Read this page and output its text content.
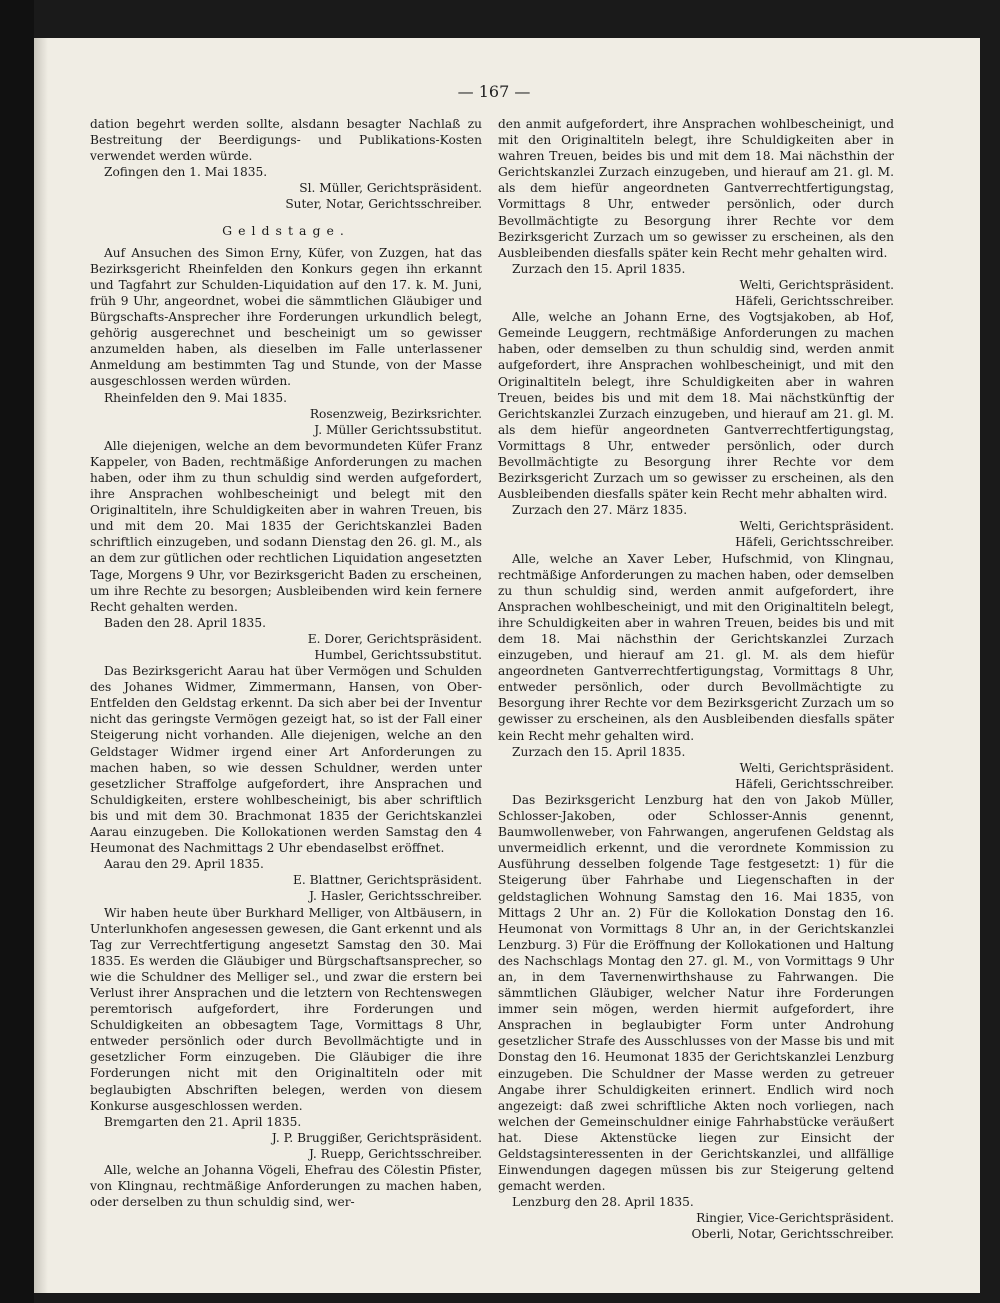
— 167 —

dation begehrt werden sollte, alsdann besagter Nachlaß zu Bestreitung der Beerdigungs- und Publikations-Kosten verwendet werden würde.

Zofingen den 1. Mai 1835.

Sl. Müller, Gerichtspräsident.

Suter, Notar, Gerichtsschreiber.

Geldstage.

Auf Ansuchen des Simon Erny, Küfer, von Zuzgen, hat das Bezirksgericht Rheinfelden den Konkurs gegen ihn erkannt und Tagfahrt zur Schulden-Liquidation auf den 17. k. M. Juni, früh 9 Uhr, angeordnet, wobei die sämmtlichen Gläubiger und Bürgschafts-Ansprecher ihre Forderungen urkundlich belegt, gehörig ausgerechnet und bescheinigt um so gewisser anzumelden haben, als dieselben im Falle unterlassener Anmeldung am bestimmten Tag und Stunde, von der Masse ausgeschlossen werden würden.

Rheinfelden den 9. Mai 1835.

Rosenzweig, Bezirksrichter.

J. Müller Gerichtssubstitut.

Alle diejenigen, welche an dem bevormundeten Küfer Franz Kappeler, von Baden, rechtmäßige Anforderungen zu machen haben, oder ihm zu thun schuldig sind werden aufgefordert, ihre Ansprachen wohlbescheinigt und belegt mit den Originaltiteln, ihre Schuldigkeiten aber in wahren Treuen, bis und mit dem 20. Mai 1835 der Gerichtskanzlei Baden schriftlich einzugeben, und sodann Dienstag den 26. gl. M., als an dem zur gütlichen oder rechtlichen Liquidation angesetzten Tage, Morgens 9 Uhr, vor Bezirksgericht Baden zu erscheinen, um ihre Rechte zu besorgen; Ausbleibenden wird kein fernere Recht gehalten werden.

Baden den 28. April 1835.

E. Dorer, Gerichtspräsident.

Humbel, Gerichtssubstitut.

Das Bezirksgericht Aarau hat über Vermögen und Schulden des Johanes Widmer, Zimmermann, Hansen, von Ober-Entfelden den Geldstag erkennt. Da sich aber bei der Inventur nicht das geringste Vermögen gezeigt hat, so ist der Fall einer Steigerung nicht vorhanden. Alle diejenigen, welche an den Geldstager Widmer irgend einer Art Anforderungen zu machen haben, so wie dessen Schuldner, werden unter gesetzlicher Straffolge aufgefordert, ihre Ansprachen und Schuldigkeiten, erstere wohlbescheinigt, bis aber schriftlich bis und mit dem 30. Brachmonat 1835 der Gerichtskanzlei Aarau einzugeben. Die Kollokationen werden Samstag den 4 Heumonat des Nachmittags 2 Uhr ebendaselbst eröffnet.

Aarau den 29. April 1835.

E. Blattner, Gerichtspräsident.

J. Hasler, Gerichtsschreiber.

Wir haben heute über Burkhard Melliger, von Altbäusern, in Unterlunkhofen angesessen gewesen, die Gant erkennt und als Tag zur Verrechtfertigung angesetzt Samstag den 30. Mai 1835. Es werden die Gläubiger und Bürgschaftsansprecher, so wie die Schuldner des Melliger sel., und zwar die erstern bei Verlust ihrer Ansprachen und die letztern von Rechtenswegen peremtorisch aufgefordert, ihre Forderungen und Schuldigkeiten an obbesagtem Tage, Vormittags 8 Uhr, entweder persönlich oder durch Bevollmächtigte und in gesetzlicher Form einzugeben. Die Gläubiger die ihre Forderungen nicht mit den Originaltiteln oder mit beglaubigten Abschriften belegen, werden von diesem Konkurse ausgeschlossen werden.

Bremgarten den 21. April 1835.

J. P. Bruggißer, Gerichtspräsident.

J. Ruepp, Gerichtsschreiber.

Alle, welche an Johanna Vögeli, Ehefrau des Cölestin Pfister, von Klingnau, rechtmäßige Anforderungen zu machen haben, oder derselben zu thun schuldig sind, wer-

den anmit aufgefordert, ihre Ansprachen wohlbescheinigt, und mit den Originaltiteln belegt, ihre Schuldigkeiten aber in wahren Treuen, beides bis und mit dem 18. Mai nächsthin der Gerichtskanzlei Zurzach einzugeben, und hierauf am 21. gl. M. als dem hiefür angeordneten Gantverrechtfertigungstag, Vormittags 8 Uhr, entweder persönlich, oder durch Bevollmächtigte zu Besorgung ihrer Rechte vor dem Bezirksgericht Zurzach um so gewisser zu erscheinen, als den Ausbleibenden diesfalls später kein Recht mehr gehalten wird.

Zurzach den 15. April 1835.

Welti, Gerichtspräsident.

Häfeli, Gerichtsschreiber.

Alle, welche an Johann Erne, des Vogtsjakoben, ab Hof, Gemeinde Leuggern, rechtmäßige Anforderungen zu machen haben, oder demselben zu thun schuldig sind, werden anmit aufgefordert, ihre Ansprachen wohlbescheinigt, und mit den Originaltiteln belegt, ihre Schuldigkeiten aber in wahren Treuen, beides bis und mit dem 18. Mai nächstkünftig der Gerichtskanzlei Zurzach einzugeben, und hierauf am 21. gl. M. als dem hiefür angeordneten Gantverrechtfertigungstag, Vormittags 8 Uhr, entweder persönlich, oder durch Bevollmächtigte zu Besorgung ihrer Rechte vor dem Bezirksgericht Zurzach um so gewisser zu erscheinen, als den Ausbleibenden diesfalls später kein Recht mehr abhalten wird.

Zurzach den 27. März 1835.

Welti, Gerichtspräsident.

Häfeli, Gerichtsschreiber.

Alle, welche an Xaver Leber, Hufschmid, von Klingnau, rechtmäßige Anforderungen zu machen haben, oder demselben zu thun schuldig sind, werden anmit aufgefordert, ihre Ansprachen wohlbescheinigt, und mit den Originaltiteln belegt, ihre Schuldigkeiten aber in wahren Treuen, beides bis und mit dem 18. Mai nächsthin der Gerichtskanzlei Zurzach einzugeben, und hierauf am 21. gl. M. als dem hiefür angeordneten Gantverrechtfertigungstag, Vormittags 8 Uhr, entweder persönlich, oder durch Bevollmächtigte zu Besorgung ihrer Rechte vor dem Bezirksgericht Zurzach um so gewisser zu erscheinen, als den Ausbleibenden diesfalls später kein Recht mehr gehalten wird.

Zurzach den 15. April 1835.

Welti, Gerichtspräsident.

Häfeli, Gerichtsschreiber.

Das Bezirksgericht Lenzburg hat den von Jakob Müller, Schlosser-Jakoben, oder Schlosser-Annis genennt, Baumwollenweber, von Fahrwangen, angerufenen Geldstag als unvermeidlich erkennt, und die verordnete Kommission zu Ausführung desselben folgende Tage festgesetzt: 1) für die Steigerung über Fahrhabe und Liegenschaften in der geldstaglichen Wohnung Samstag den 16. Mai 1835, von Mittags 2 Uhr an. 2) Für die Kollokation Donstag den 16. Heumonat von Vormittags 8 Uhr an, in der Gerichtskanzlei Lenzburg. 3) Für die Eröffnung der Kollokationen und Haltung des Nachschlags Montag den 27. gl. M., von Vormittags 9 Uhr an, in dem Tavernenwirthshause zu Fahrwangen. Die sämmtlichen Gläubiger, welcher Natur ihre Forderungen immer sein mögen, werden hiermit aufgefordert, ihre Ansprachen in beglaubigter Form unter Androhung gesetzlicher Strafe des Ausschlusses von der Masse bis und mit Donstag den 16. Heumonat 1835 der Gerichtskanzlei Lenzburg einzugeben. Die Schuldner der Masse werden zu getreuer Angabe ihrer Schuldigkeiten erinnert. Endlich wird noch angezeigt: daß zwei schriftliche Akten noch vorliegen, nach welchen der Gemeinschuldner einige Fahrhabstücke veräußert hat. Diese Aktenstücke liegen zur Einsicht der Geldstagsinteressenten in der Gerichtskanzlei, und allfällige Einwendungen dagegen müssen bis zur Steigerung geltend gemacht werden.

Lenzburg den 28. April 1835.

Ringier, Vice-Gerichtspräsident.

Oberli, Notar, Gerichtsschreiber.
